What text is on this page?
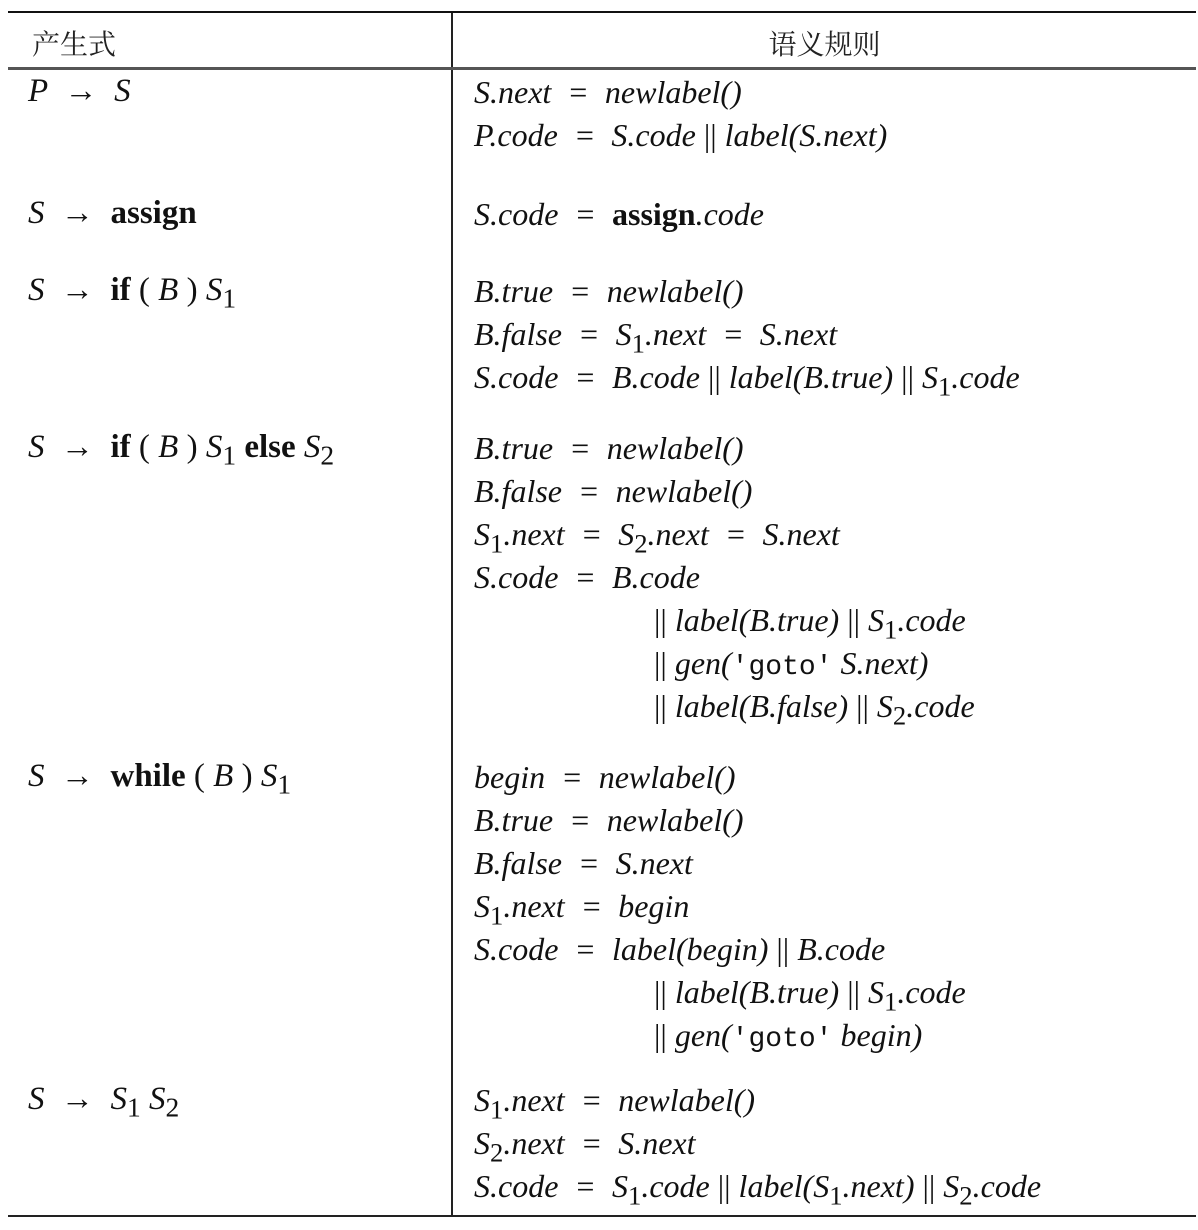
产生式	语义规则
P  →  S	S.next  =  newlabel()
P.code  =  S.code || label(S.next)
S  →  assign	S.code  =  assign.code
S  →  if ( B ) $S_1$	B.true  =  newlabel()
B.false  =  $S_1.next$  =  S.next
S.code  =  B.code || label(B.true) || $S_1.code$
S  →  if ( B ) $S_1$ else $S_2$	B.true  =  newlabel()
B.false  =  newlabel()
$S_1.next$  =  $S_2.next$  =  S.next
S.code  =  B.code
|| label(B.true) || $S_1.code$
|| gen('goto' S.next)
|| label(B.false) || $S_2.code$
S  →  while ( B ) $S_1$	begin  =  newlabel()
B.true  =  newlabel()
B.false  =  S.next
$S_1.next$  =  begin
S.code  =  label(begin) || B.code
|| label(B.true) || $S_1.code$
|| gen('goto' begin)
$S \to S_1$ $S_2$	$S_1.next$  =  newlabel()
$S_2.next$  =  S.next
S.code  =  $S_1.code$ || $label(S_1.next)$ || $S_2.code$
